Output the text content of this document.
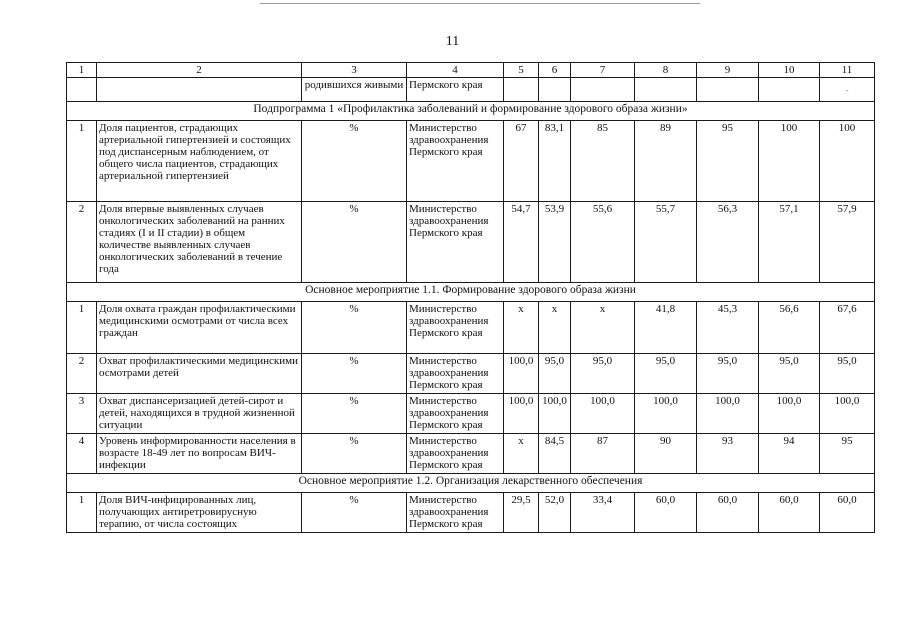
11
1	2	3	4	5	6	7	8	9	10	11
		родившихся живыми	Пермского края							-
Подпрограмма 1 «Профилактика заболеваний и формирование здорового образа жизни»										
1	Доля пациентов, страдающих артериальной гипертензией и состоящих под диспансерным наблюдением, от общего числа пациентов, страдающих артериальной гипертензией	%	Министерство здравоохранения Пермского края	67	83,1	85	89	95	100	100
2	Доля впервые выявленных случаев онкологических заболеваний на ранних стадиях (I и II стадии) в общем количестве выявленных случаев онкологических заболеваний в течение года	%	Министерство здравоохранения Пермского края	54,7	53,9	55,6	55,7	56,3	57,1	57,9
Основное мероприятие 1.1. Формирование здорового образа жизни										
1	Доля охвата граждан профилактическими медицинскими осмотрами от числа всех граждан	%	Министерство здравоохранения Пермского края	х	х	х	41,8	45,3	56,6	67,6
2	Охват профилактическими медицинскими осмотрами детей	%	Министерство здравоохранения Пермского края	100,0	95,0	95,0	95,0	95,0	95,0	95,0
3	Охват диспансеризацией детей-сирот и детей, находящихся в трудной жизненной ситуации	%	Министерство здравоохранения Пермского края	100,0	100,0	100,0	100,0	100,0	100,0	100,0
4	Уровень информированности населения в возрасте 18-49 лет по вопросам ВИЧ-инфекции	%	Министерство здравоохранения Пермского края	х	84,5	87	90	93	94	95
Основное мероприятие 1.2. Организация лекарственного обеспечения										
1	Доля ВИЧ-инфицированных лиц, получающих антиретровирусную терапию, от числа состоящих	%	Министерство здравоохранения Пермского края	29,5	52,0	33,4	60,0	60,0	60,0	60,0
